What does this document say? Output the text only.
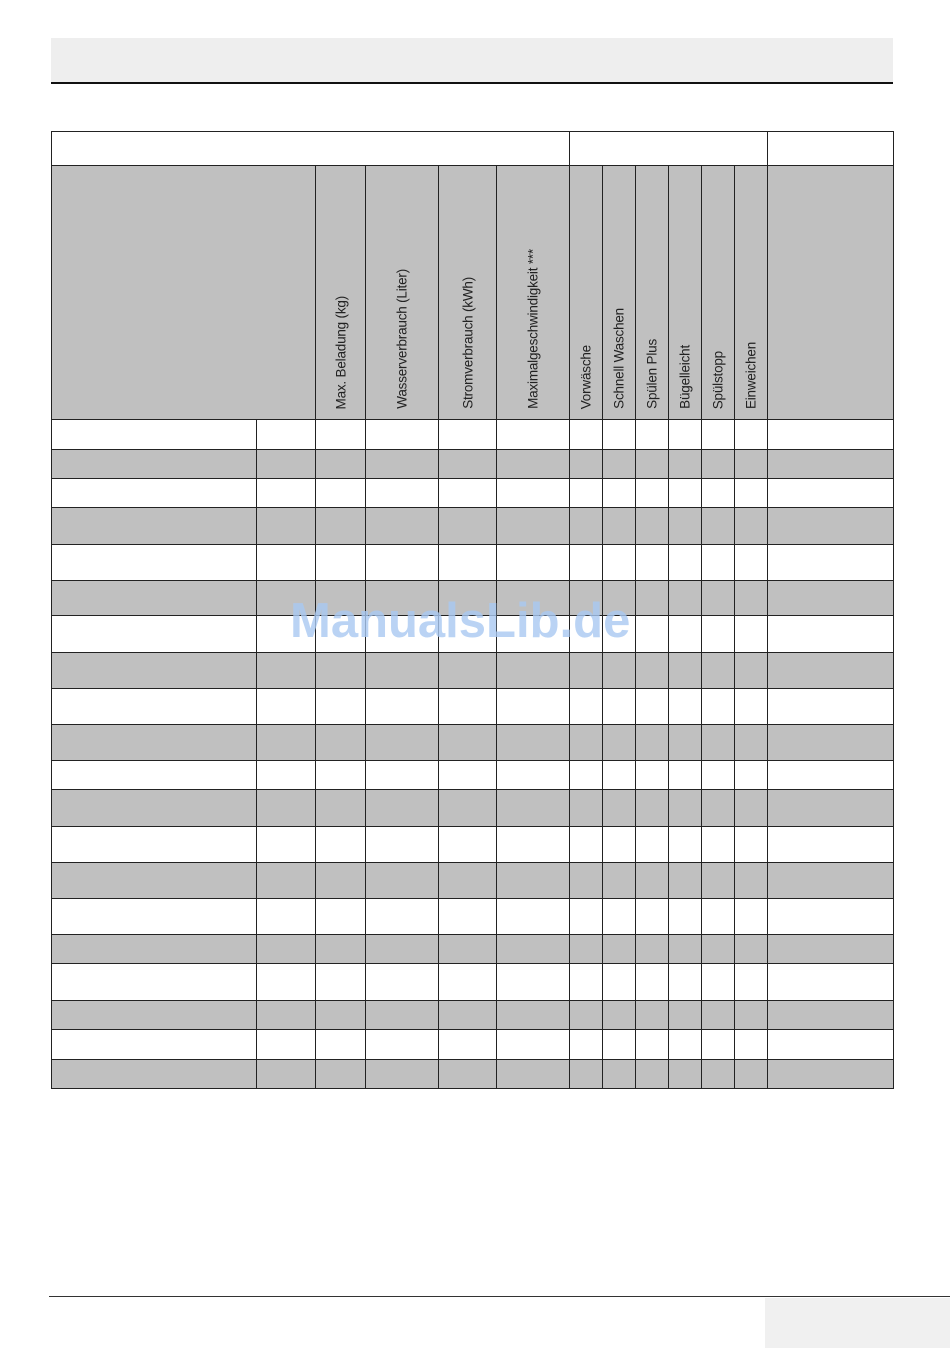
		Max. Beladung (kg)	Wasserverbrauch (Liter)	Stromverbrauch (kWh)	Maximalgeschwindigkeit ***	Vorwäsche	Schnell Waschen	Spülen Plus	Bügelleicht	Spülstopp	Einweichen	

ManualsLib.de
